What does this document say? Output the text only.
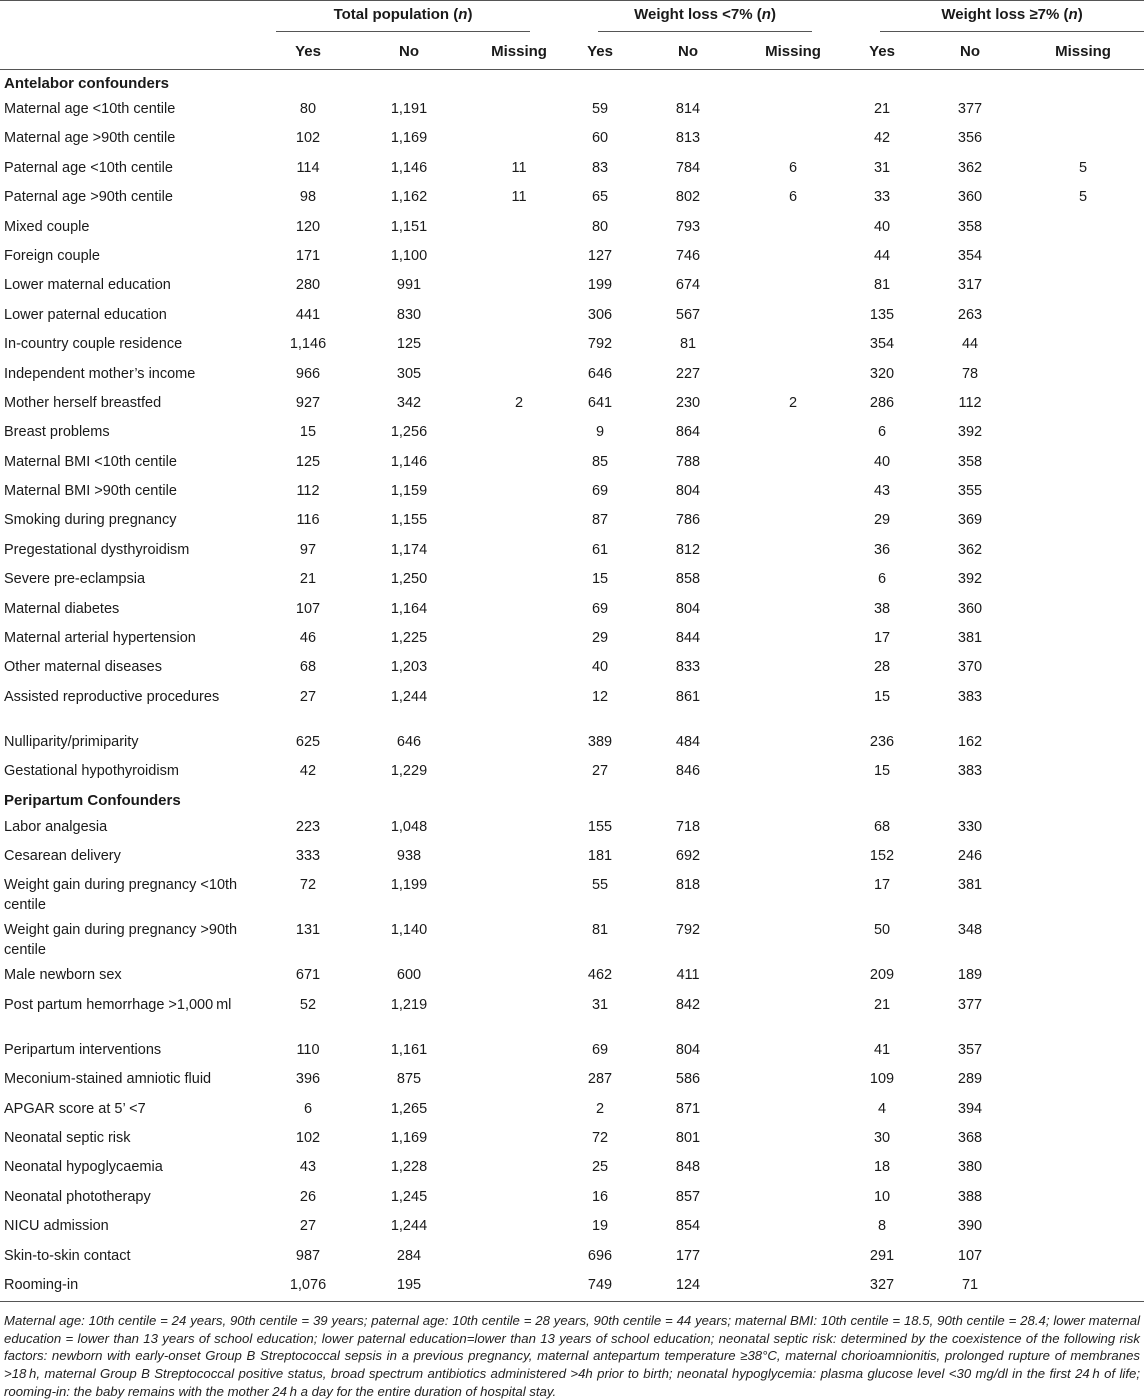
	Total population (n)			Weight loss <7% (n)			Weight loss ≥7% (n)		
	Yes	No	Missing	Yes	No	Missing	Yes	No	Missing

Antelabor confounders									
Maternal age <10th centile	80	1,191		59	814		21	377	
Maternal age >90th centile	102	1,169		60	813		42	356	
Paternal age <10th centile	114	1,146	11	83	784	6	31	362	5
Paternal age >90th centile	98	1,162	11	65	802	6	33	360	5
Mixed couple	120	1,151		80	793		40	358	
Foreign couple	171	1,100		127	746		44	354	
Lower maternal education	280	991		199	674		81	317	
Lower paternal education	441	830		306	567		135	263	
In-country couple residence	1,146	125		792	81		354	44	
Independent mother’s income	966	305		646	227		320	78	
Mother herself breastfed	927	342	2	641	230	2	286	112	
Breast problems	15	1,256		9	864		6	392	
Maternal BMI <10th centile	125	1,146		85	788		40	358	
Maternal BMI >90th centile	112	1,159		69	804		43	355	
Smoking during pregnancy	116	1,155		87	786		29	369	
Pregestational dysthyroidism	97	1,174		61	812		36	362	
Severe pre-eclampsia	21	1,250		15	858		6	392	
Maternal diabetes	107	1,164		69	804		38	360	
Maternal arterial hypertension	46	1,225		29	844		17	381	
Other maternal diseases	68	1,203		40	833		28	370	
Assisted reproductive procedures	27	1,244		12	861		15	383	
Nulliparity/primiparity	625	646		389	484		236	162	
Gestational hypothyroidism	42	1,229		27	846		15	383	
Peripartum Confounders									
Labor analgesia	223	1,048		155	718		68	330	
Cesarean delivery	333	938		181	692		152	246	
Weight gain during pregnancy <10th centile	72	1,199		55	818		17	381	
Weight gain during pregnancy >90th centile	131	1,140		81	792		50	348	
Male newborn sex	671	600		462	411		209	189	
Post partum hemorrhage >1,000 ml	52	1,219		31	842		21	377	
Peripartum interventions	110	1,161		69	804		41	357	
Meconium-stained amniotic fluid	396	875		287	586		109	289	
APGAR score at 5’ <7	6	1,265		2	871		4	394	
Neonatal septic risk	102	1,169		72	801		30	368	
Neonatal hypoglycaemia	43	1,228		25	848		18	380	
Neonatal phototherapy	26	1,245		16	857		10	388	
NICU admission	27	1,244		19	854		8	390	
Skin-to-skin contact	987	284		696	177		291	107	
Rooming-in	1,076	195		749	124		327	71	
Maternal age: 10th centile = 24 years, 90th centile = 39 years; paternal age: 10th centile = 28 years, 90th centile = 44 years; maternal BMI: 10th centile = 18.5, 90th centile = 28.4; lower maternal education = lower than 13 years of school education; lower paternal education=lower than 13 years of school education; neonatal septic risk: determined by the coexistence of the following risk factors: newborn with early-onset Group B Streptococcal sepsis in a previous pregnancy, maternal antepartum temperature ≥38°C, maternal chorioamnionitis, prolonged rupture of membranes >18 h, maternal Group B Streptococcal positive status, broad spectrum antibiotics administered >4h prior to birth; neonatal hypoglycemia: plasma glucose level <30 mg/dl in the first 24 h of life; rooming-in: the baby remains with the mother 24 h a day for the entire duration of hospital stay.
